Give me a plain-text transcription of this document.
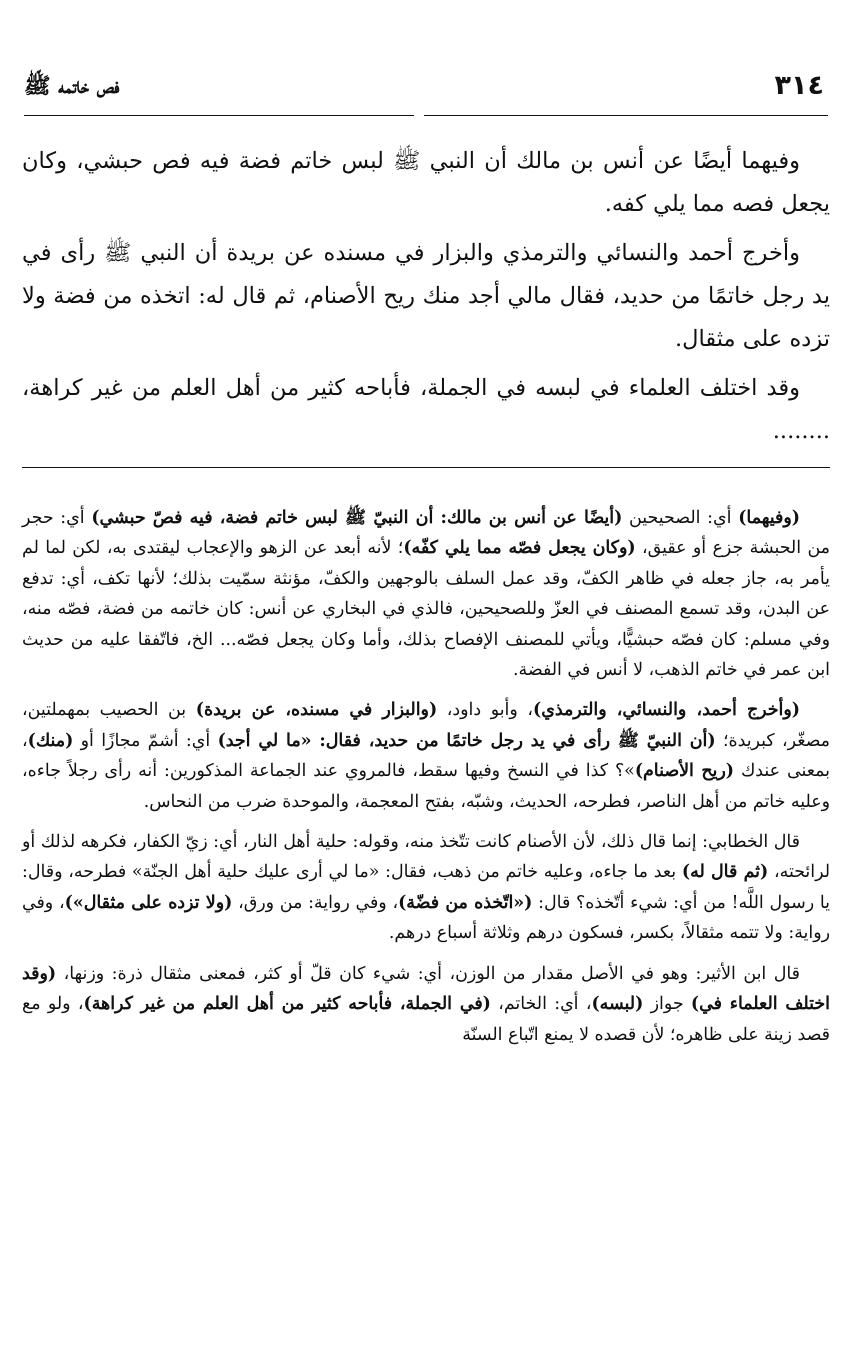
٣١٤
فص خاتمه ﷺ

وفيهما أيضًا عن أنس بن مالك أن النبي ﷺ لبس خاتم فضة فيه فص حبشي، وكان يجعل فصه مما يلي كفه.

وأخرج أحمد والنسائي والترمذي والبزار في مسنده عن بريدة أن النبي ﷺ رأى في يد رجل خاتمًا من حديد، فقال مالي أجد منك ريح الأصنام، ثم قال له: اتخذه من فضة ولا تزده على مثقال.

وقد اختلف العلماء في لبسه في الجملة، فأباحه كثير من أهل العلم من غير كراهة، ........

(وفيهما) أي: الصحيحين (أيضًا عن أنس بن مالك: أن النبيّ ﷺ لبس خاتم فضة، فيه فصّ حبشي) أي: حجر من الحبشة جزع أو عقيق، (وكان يجعل فصّه مما يلي كفّه)؛ لأنه أبعد عن الزهو والإعجاب ليقتدى به، لكن لما لم يأمر به، جاز جعله في ظاهر الكفّ، وقد عمل السلف بالوجهين والكفّ، مؤنثة سمّيت بذلك؛ لأنها تكف، أي: تدفع عن البدن، وقد تسمع المصنف في العزّ وللصحيحين، فالذي في البخاري عن أنس: كان خاتمه من فضة، فصّه منه، وفي مسلم: كان فصّه حبشيًّا، ويأتي للمصنف الإفصاح بذلك، وأما وكان يجعل فصّه... الخ، فاتّفقا عليه من حديث ابن عمر في خاتم الذهب، لا أنس في الفضة.

(وأخرج أحمد، والنسائي، والترمذي)، وأبو داود، (والبزار في مسنده، عن بريدة) بن الحصيب بمهملتين، مصغّر، كبريدة؛ (أن النبيّ ﷺ رأى في يد رجل خاتمًا من حديد، فقال: «ما لي أجد) أي: أشمّ مجازًا أو (منك)، بمعنى عندك (ريح الأصنام)»؟ كذا في النسخ وفيها سقط، فالمروي عند الجماعة المذكورين: أنه رأى رجلاً جاءه، وعليه خاتم من أهل الناصر، فطرحه، الحديث، وشبّه، بفتح المعجمة، والموحدة ضرب من النحاس.

قال الخطابي: إنما قال ذلك، لأن الأصنام كانت تتّخذ منه، وقوله: حلية أهل النار، أي: زيّ الكفار، فكرهه لذلك أو لرائحته، (ثم قال له) بعد ما جاءه، وعليه خاتم من ذهب، فقال: «ما لي أرى عليك حلية أهل الجنّة» فطرحه، وقال: يا رسول اللَّه! من أي: شيء أتّخذه؟ قال: («اتّخذه من فضّة)، وفي رواية: من ورق، (ولا تزده على مثقال»)، وفي رواية: ولا تتمه مثقالاً، بكسر، فسكون درهم وثلاثة أسباع درهم.

قال ابن الأثير: وهو في الأصل مقدار من الوزن، أي: شيء كان قلّ أو كثر، فمعنى مثقال ذرة: وزنها، (وقد اختلف العلماء في) جواز (لبسه)، أي: الخاتم، (في الجملة، فأباحه كثير من أهل العلم من غير كراهة)، ولو مع قصد زينة على ظاهره؛ لأن قصده لا يمنع اتّباع السنّة
